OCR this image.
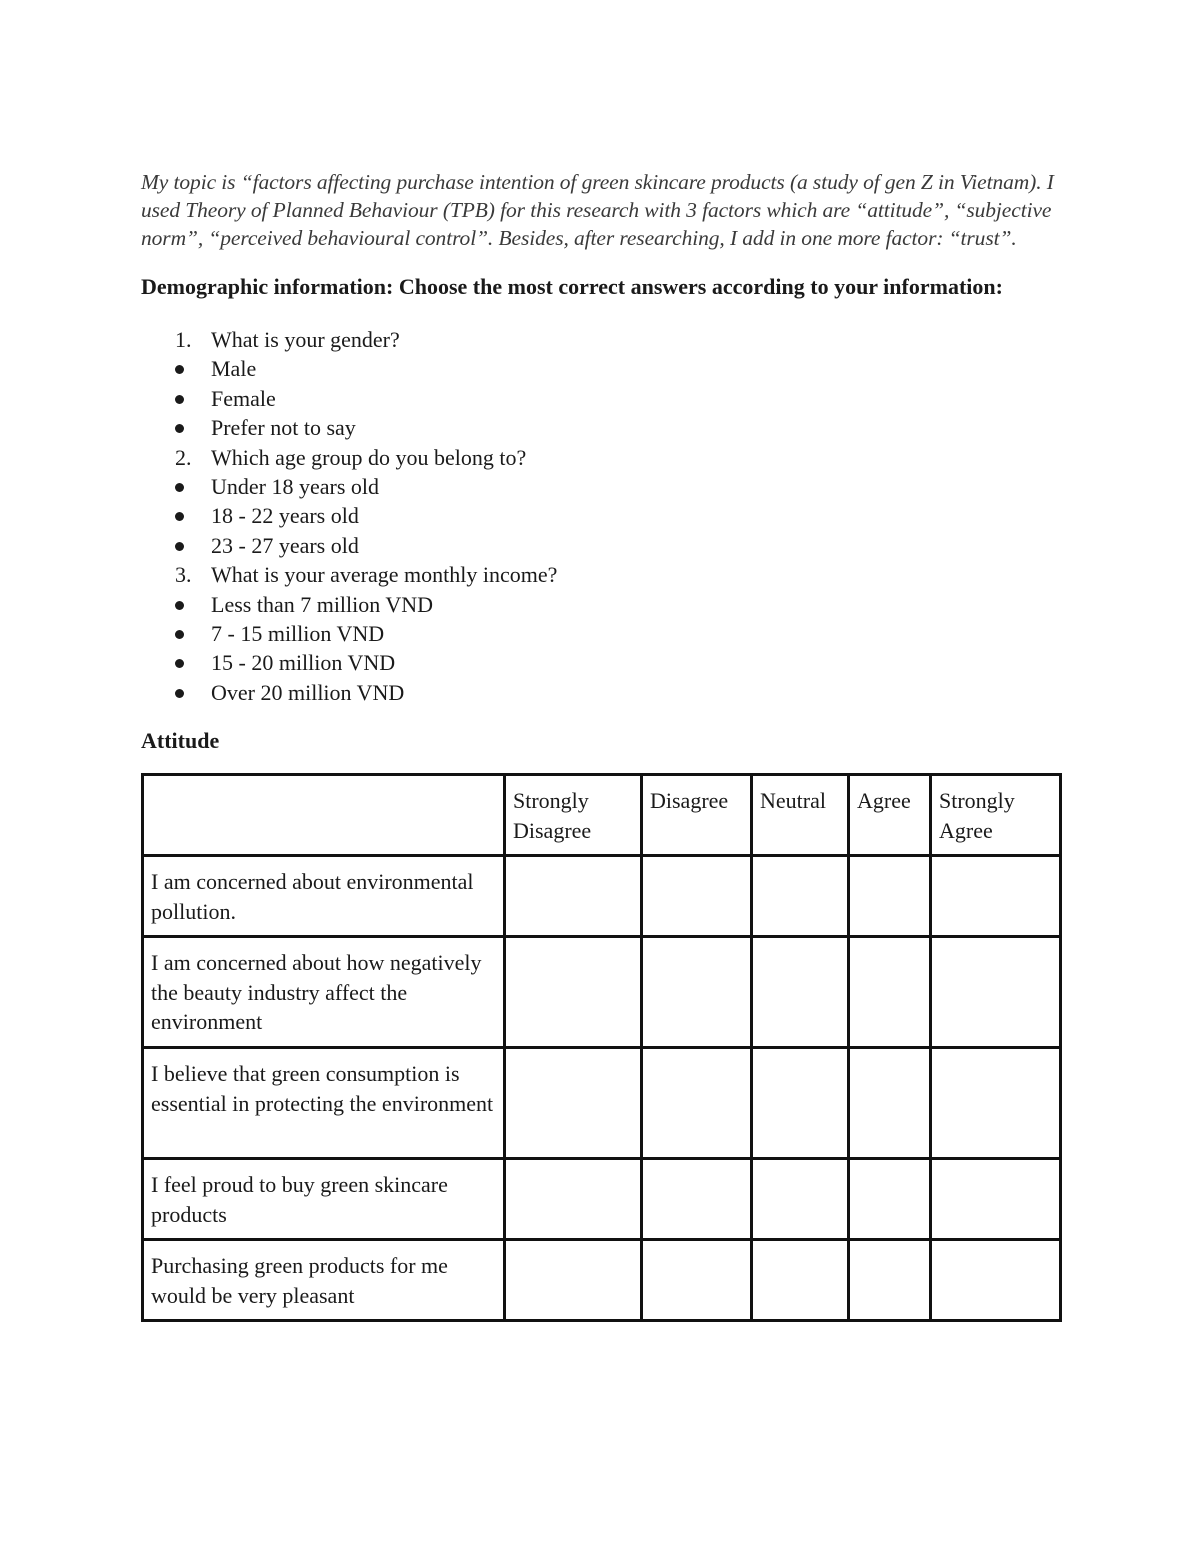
My topic is “factors affecting purchase intention of green skincare products (a study of gen Z in Vietnam). I used Theory of Planned Behaviour (TPB) for this research with 3 factors which are “attitude”, “subjective norm”, “perceived behavioural control”. Besides, after researching, I add in one more factor: “trust”.

Demographic information: Choose the most correct answers according to your information:

1. What is your gender?
Male
Female
Prefer not to say
2. Which age group do you belong to?
Under 18 years old
18 - 22 years old
23 - 27 years old
3. What is your average monthly income?
Less than 7 million VND
7 - 15 million VND
15 - 20 million VND
Over 20 million VND

Attitude

	Strongly Disagree	Disagree	Neutral	Agree	Strongly Agree
I am concerned about environmental pollution.					
I am concerned about how negatively the beauty industry affect the environment					
I believe that green consumption is essential in protecting the environment					
I feel proud to buy green skincare products					
Purchasing green products for me would be very pleasant					
